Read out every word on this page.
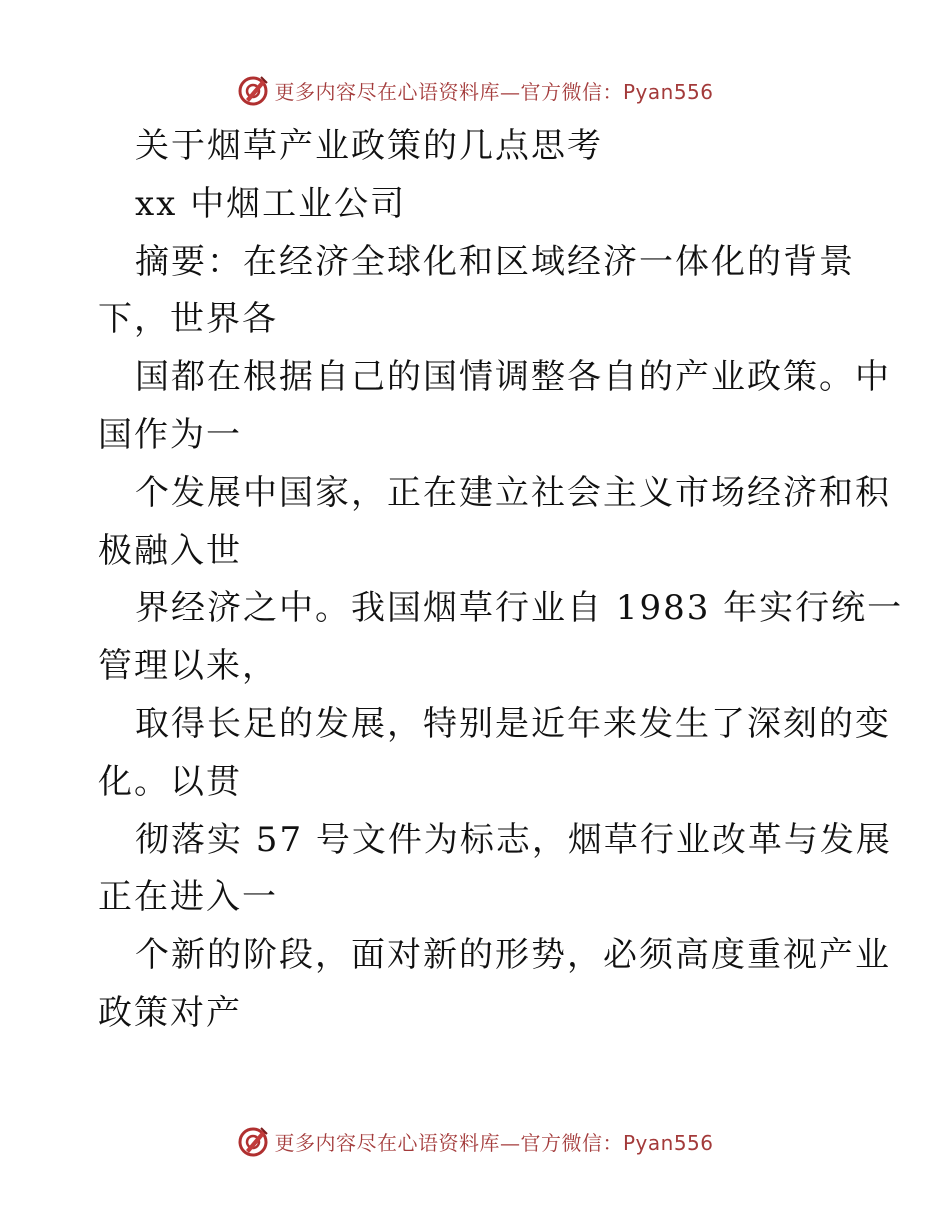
更多内容尽在心语资料库—官方微信：Pyan556
关于烟草产业政策的几点思考
xx 中烟工业公司
摘要：在经济全球化和区域经济一体化的背景
下，世界各
国都在根据自己的国情调整各自的产业政策。中
国作为一
个发展中国家，正在建立社会主义市场经济和积
极融入世
界经济之中。我国烟草行业自 1983 年实行统一
管理以来，
取得长足的发展，特别是近年来发生了深刻的变
化。以贯
彻落实 57 号文件为标志，烟草行业改革与发展
正在进入一
个新的阶段，面对新的形势，必须高度重视产业
政策对产
更多内容尽在心语资料库—官方微信：Pyan556
